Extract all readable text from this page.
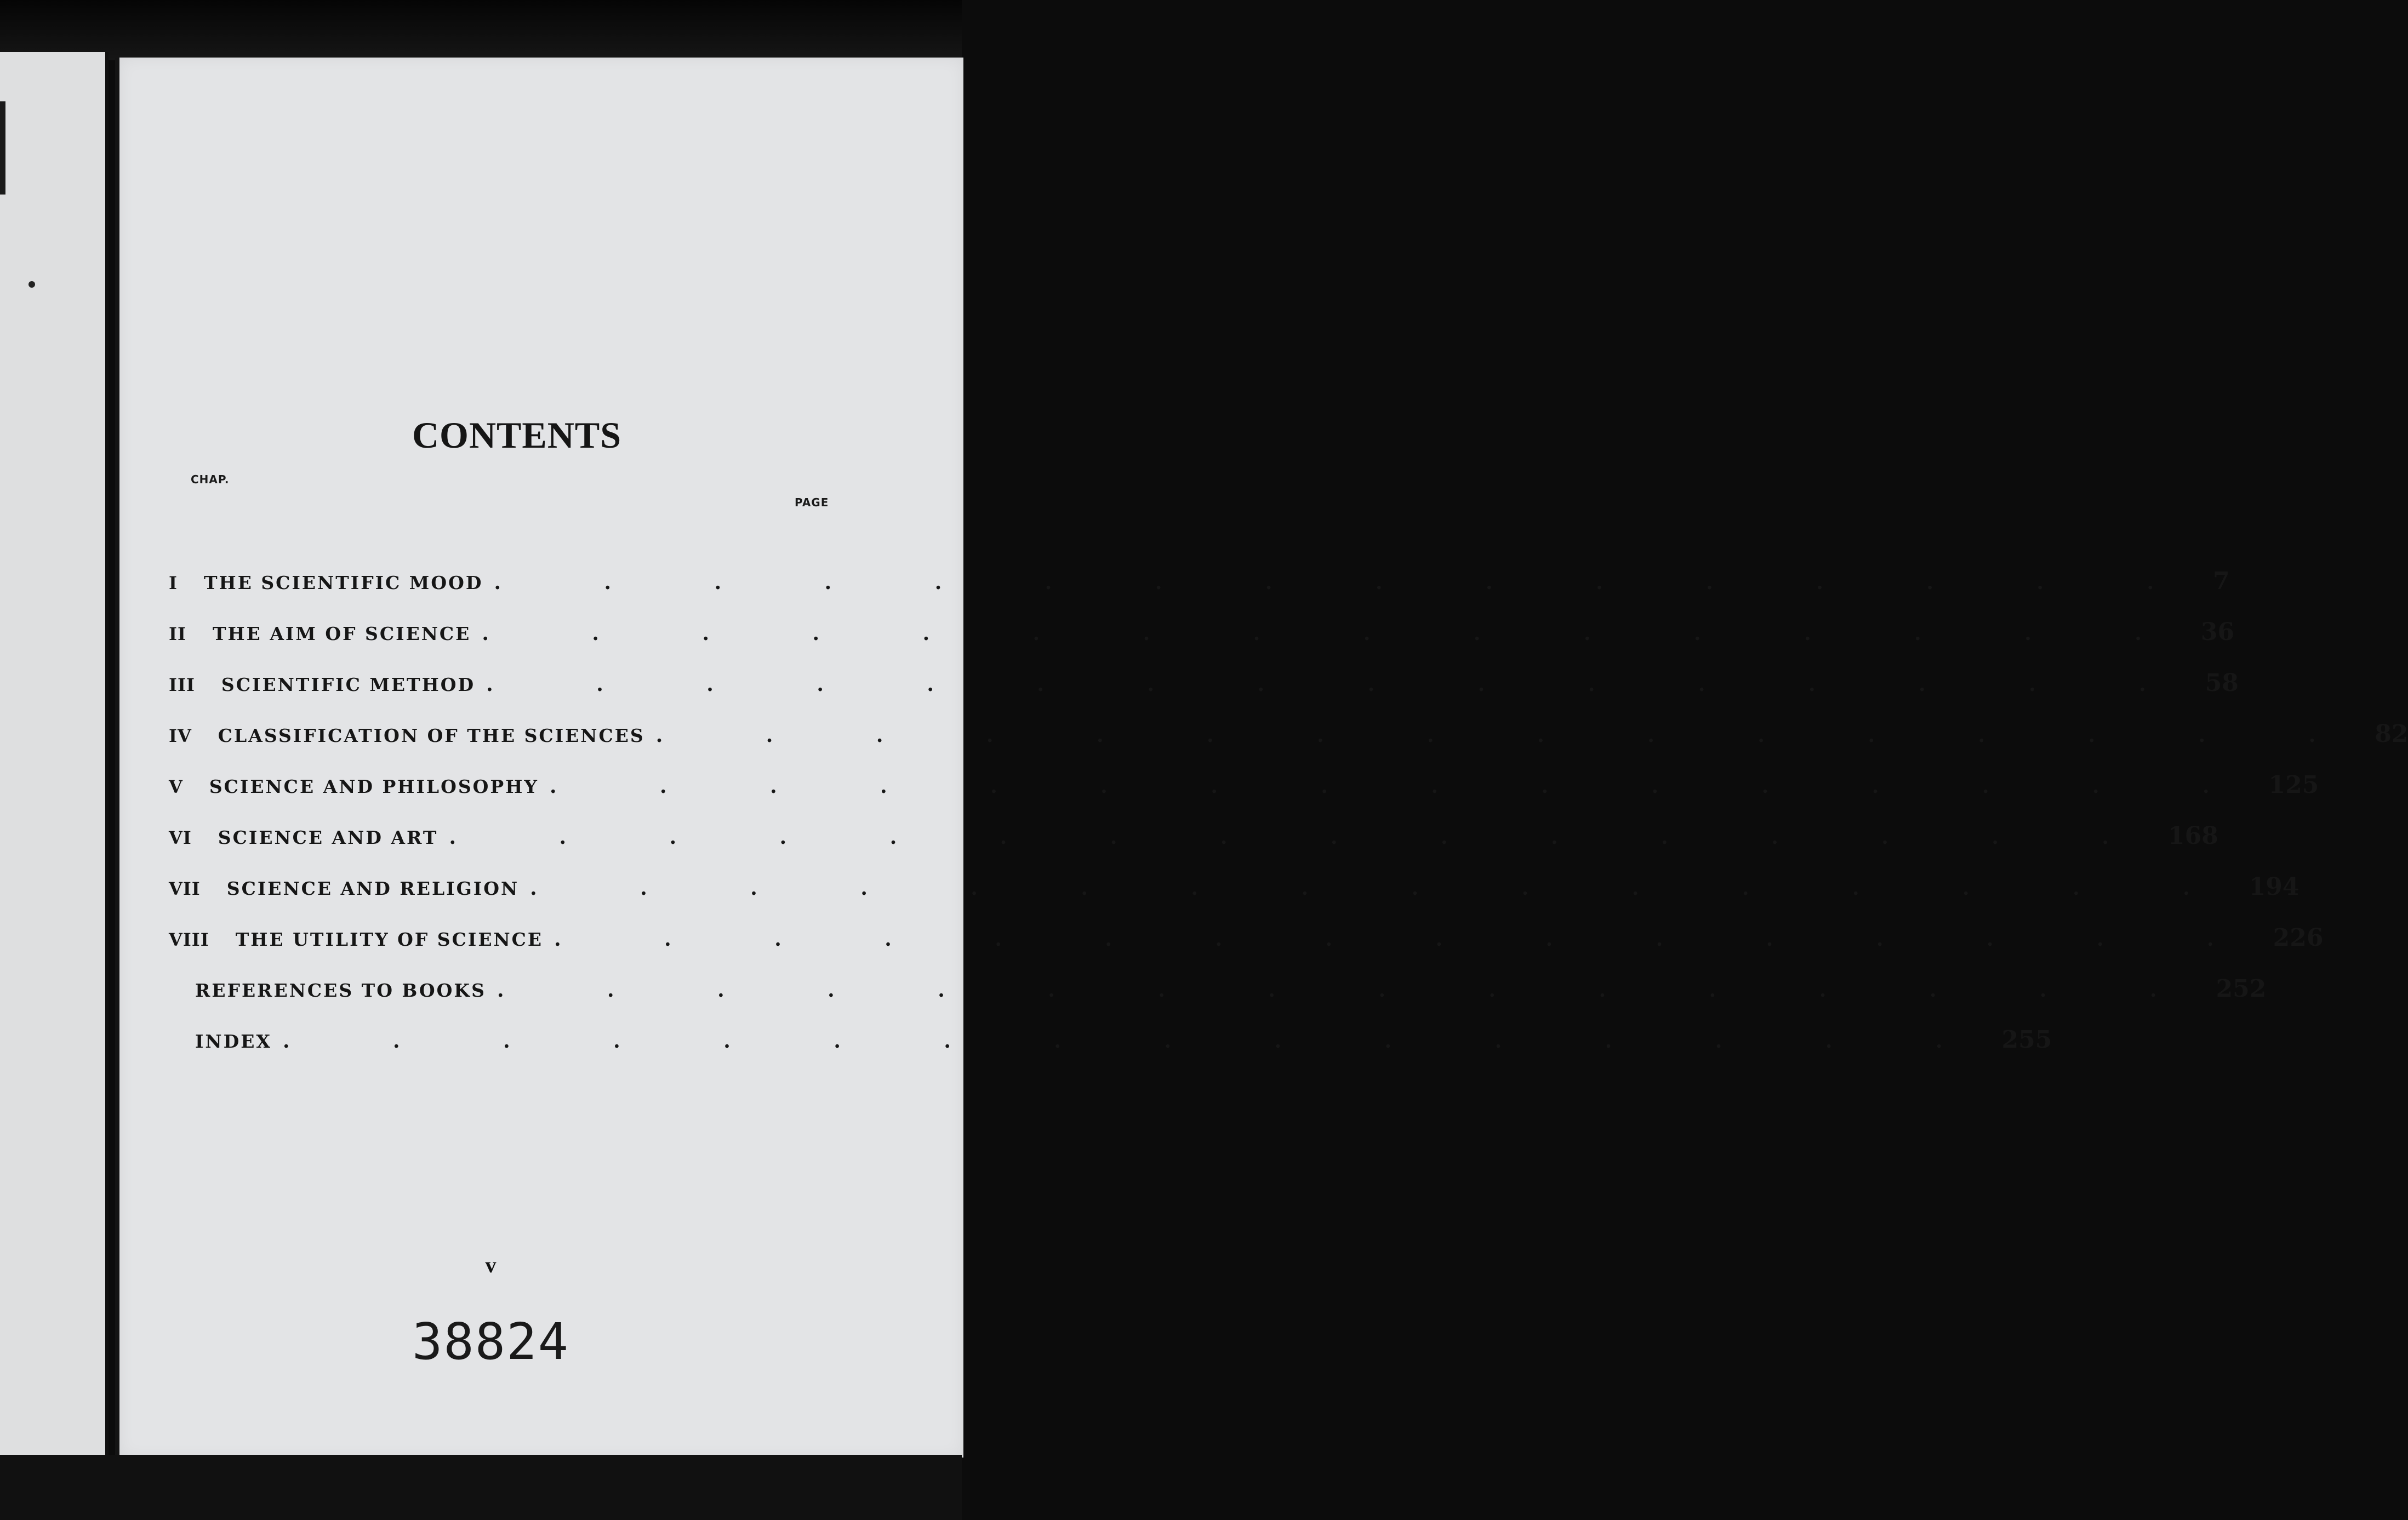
CONTENTS
CHAP.
PAGE
I THE SCIENTIFIC MOOD . . . . . . . . . . . . . . . . 7
II THE AIM OF SCIENCE . . . . . . . . . . . . . . . . 36
III SCIENTIFIC METHOD . . . . . . . . . . . . . . . . 58
IV CLASSIFICATION OF THE SCIENCES . . . . . . . . . . . . . . . . 82
V SCIENCE AND PHILOSOPHY . . . . . . . . . . . . . . . . 125
VI SCIENCE AND ART . . . . . . . . . . . . . . . . 168
VII SCIENCE AND RELIGION . . . . . . . . . . . . . . . . 194
VIII THE UTILITY OF SCIENCE . . . . . . . . . . . . . . . . 226
REFERENCES TO BOOKS . . . . . . . . . . . . . . . . 252
INDEX . . . . . . . . . . . . . . . . 255
v
38824
